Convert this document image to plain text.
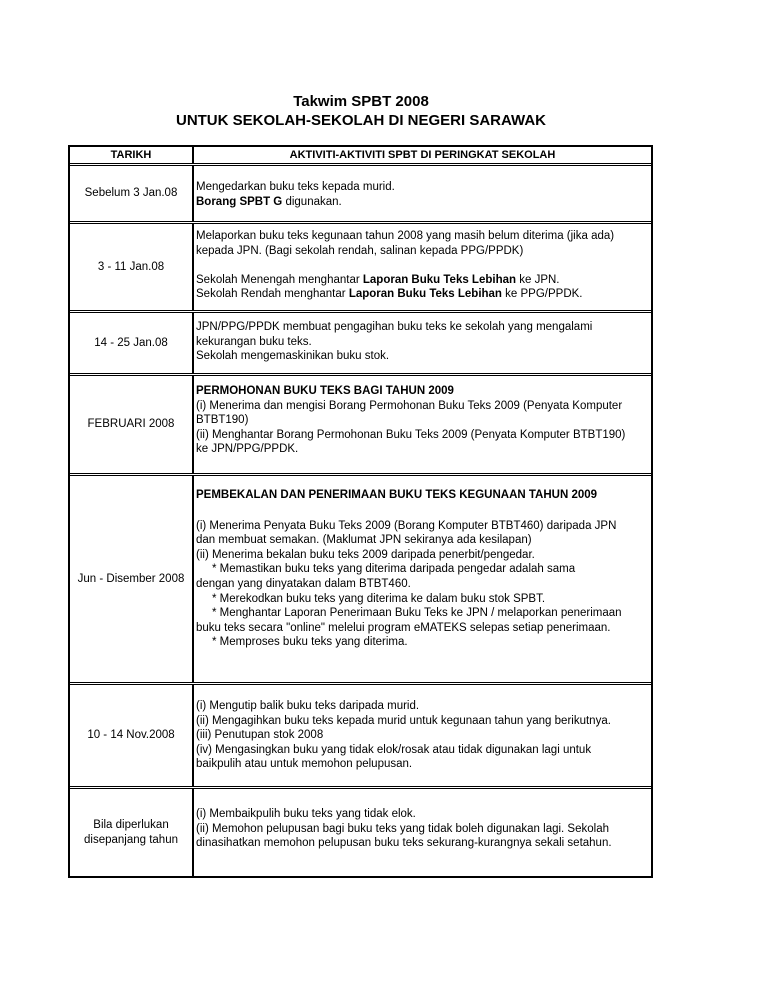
Takwim SPBT 2008
UNTUK SEKOLAH-SEKOLAH DI NEGERI SARAWAK
TARIKH	AKTIVITI-AKTIVITI SPBT DI PERINGKAT SEKOLAH
Sebelum 3 Jan.08	Mengedarkan buku teks kepada murid.

Borang SPBT G digunakan.

3 - 11 Jan.08

Melaporkan buku teks kegunaan tahun 2008 yang masih belum diterima (jika ada)

kepada JPN. (Bagi sekolah rendah, salinan kepada PPG/PPDK)

Sekolah Menengah menghantar Laporan Buku Teks Lebihan ke JPN.

Sekolah Rendah menghantar Laporan Buku Teks Lebihan ke PPG/PPDK.

14 - 25 Jan.08

JPN/PPG/PPDK membuat pengagihan buku teks ke sekolah yang mengalami

kekurangan buku teks.

Sekolah mengemaskinikan buku stok.

FEBRUARI 2008

PERMOHONAN BUKU TEKS BAGI TAHUN 2009

(i) Menerima dan mengisi Borang Permohonan Buku Teks 2009 (Penyata Komputer

BTBT190)

(ii) Menghantar Borang Permohonan Buku Teks 2009 (Penyata Komputer BTBT190)

ke JPN/PPG/PPDK.

Jun - Disember 2008

PEMBEKALAN DAN PENERIMAAN BUKU TEKS KEGUNAAN TAHUN 2009

(i) Menerima Penyata Buku Teks 2009 (Borang Komputer BTBT460) daripada JPN

dan membuat semakan. (Maklumat JPN sekiranya ada kesilapan)

(ii) Menerima bekalan buku teks 2009 daripada penerbit/pengedar.

* Memastikan buku teks yang diterima daripada pengedar adalah sama

dengan yang dinyatakan dalam BTBT460.

* Merekodkan buku teks yang diterima ke dalam buku stok SPBT.

* Menghantar Laporan Penerimaan Buku Teks ke JPN / melaporkan penerimaan

buku teks secara "online" melelui program eMATEKS selepas setiap penerimaan.

* Memproses buku teks yang diterima.

10 - 14 Nov.2008

(i) Mengutip balik buku teks daripada murid.

(ii) Mengagihkan buku teks kepada murid untuk kegunaan tahun yang berikutnya.

(iii) Penutupan stok 2008

(iv) Mengasingkan buku yang tidak elok/rosak atau tidak digunakan lagi untuk

baikpulih atau untuk memohon pelupusan.

Bila diperlukan
disepanjang tahun

(i) Membaikpulih buku teks yang tidak elok.

(ii) Memohon pelupusan bagi buku teks yang tidak boleh digunakan lagi. Sekolah

dinasihatkan memohon pelupusan buku teks sekurang-kurangnya sekali setahun.
